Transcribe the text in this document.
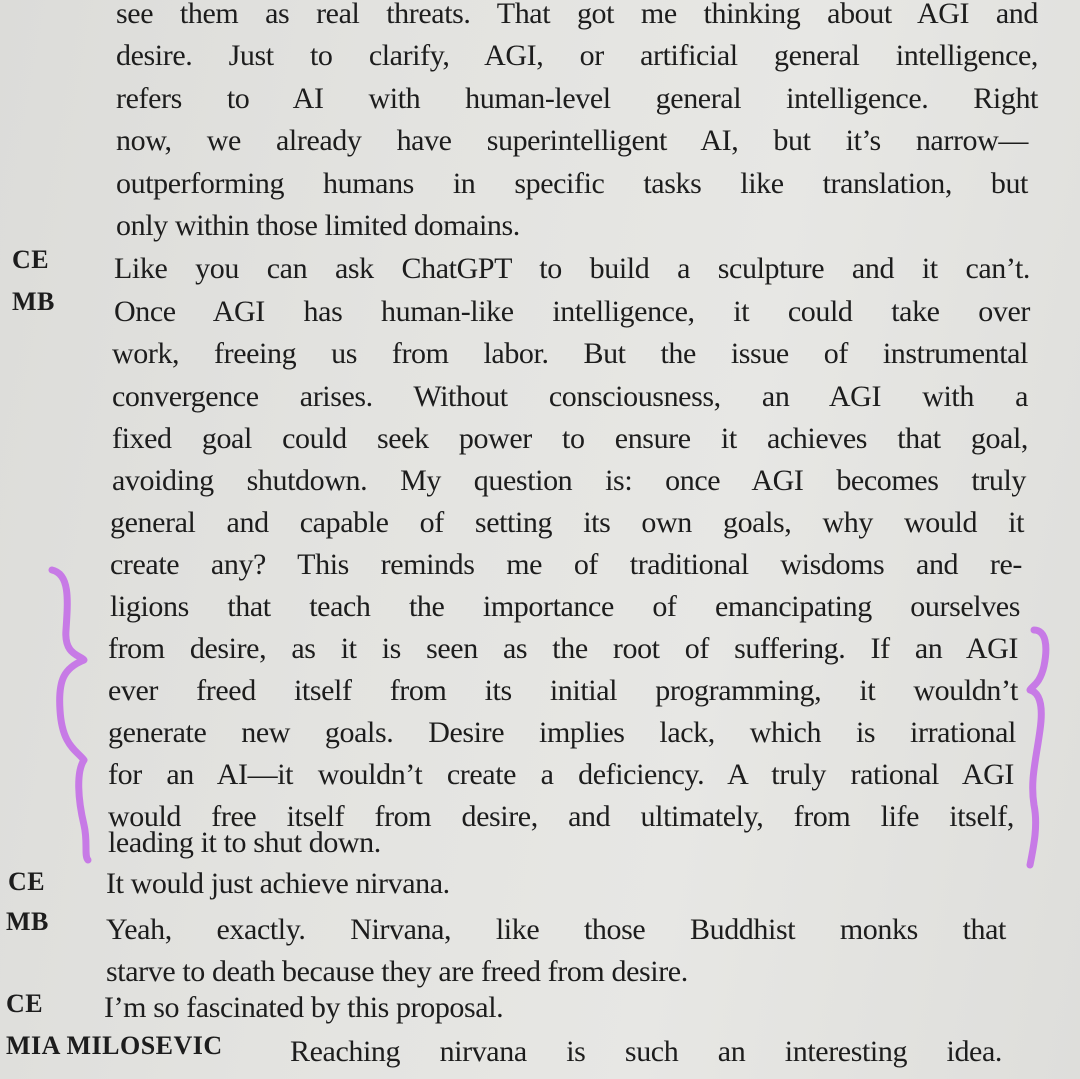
see them as real threats. That got me thinking about AGI and
desire. Just to clarify, AGI, or artificial general intelligence,
refers to AI with human-level general intelligence. Right
now, we already have superintelligent AI, but it’s narrow—
outperforming humans in specific tasks like translation, but
only within those limited domains.
CE Like you can ask ChatGPT to build a sculpture and it can’t.
MB Once AGI has human-like intelligence, it could take over
work, freeing us from labor. But the issue of instrumental
convergence arises. Without consciousness, an AGI with a
fixed goal could seek power to ensure it achieves that goal,
avoiding shutdown. My question is: once AGI becomes truly
general and capable of setting its own goals, why would it
create any? This reminds me of traditional wisdoms and re-
ligions that teach the importance of emancipating ourselves
from desire, as it is seen as the root of suffering. If an AGI
ever freed itself from its initial programming, it wouldn’t
generate new goals. Desire implies lack, which is irrational
for an AI—it wouldn’t create a deficiency. A truly rational AGI
would free itself from desire, and ultimately, from life itself,
leading it to shut down.
CE It would just achieve nirvana.
MB Yeah, exactly. Nirvana, like those Buddhist monks that
starve to death because they are freed from desire.
CE I’m so fascinated by this proposal.
MIA MILOSEVIC Reaching nirvana is such an interesting idea.
